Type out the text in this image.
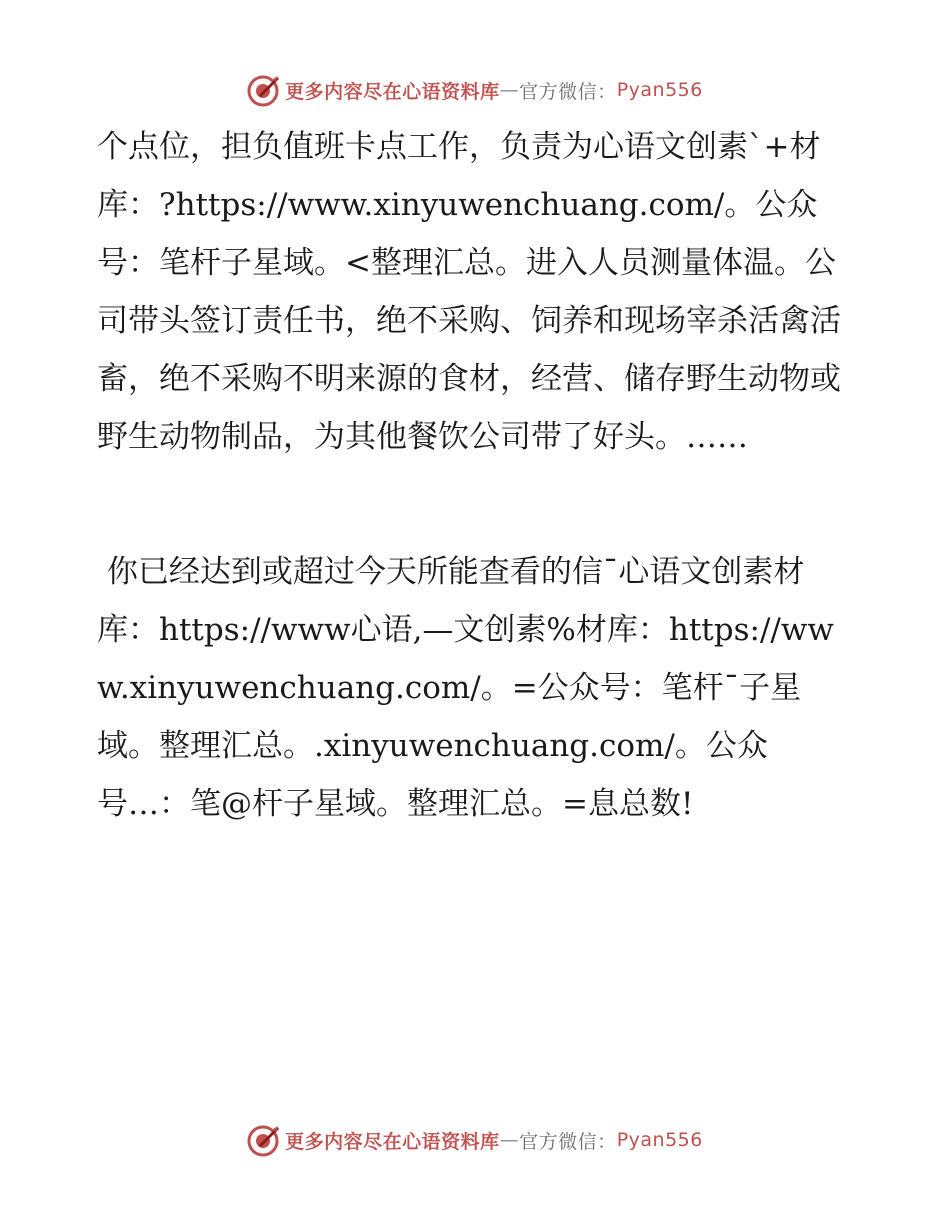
更多内容尽在心语资料库 — 官方微信： Pyan556

个点位，担负值班卡点工作，负责为心语文创素`+材库：?https://www.xinyuwenchuang.com/。公众号：笔杆子星域。<整理汇总。进入人员测量体温。公司带头签订责任书，绝不采购、饲养和现场宰杀活禽活畜，绝不采购不明来源的食材，经营、储存野生动物或野生动物制品，为其他餐饮公司带了好头。……

你已经达到或超过今天所能查看的信¯心语文创素材库：https://www心语,—文创素%材库：https://www.xinyuwenchuang.com/。=公众号：笔杆¯子星域。整理汇总。.xinyuwenchuang.com/。公众号…：笔@杆子星域。整理汇总。=息总数!

更多内容尽在心语资料库 — 官方微信： Pyan556
